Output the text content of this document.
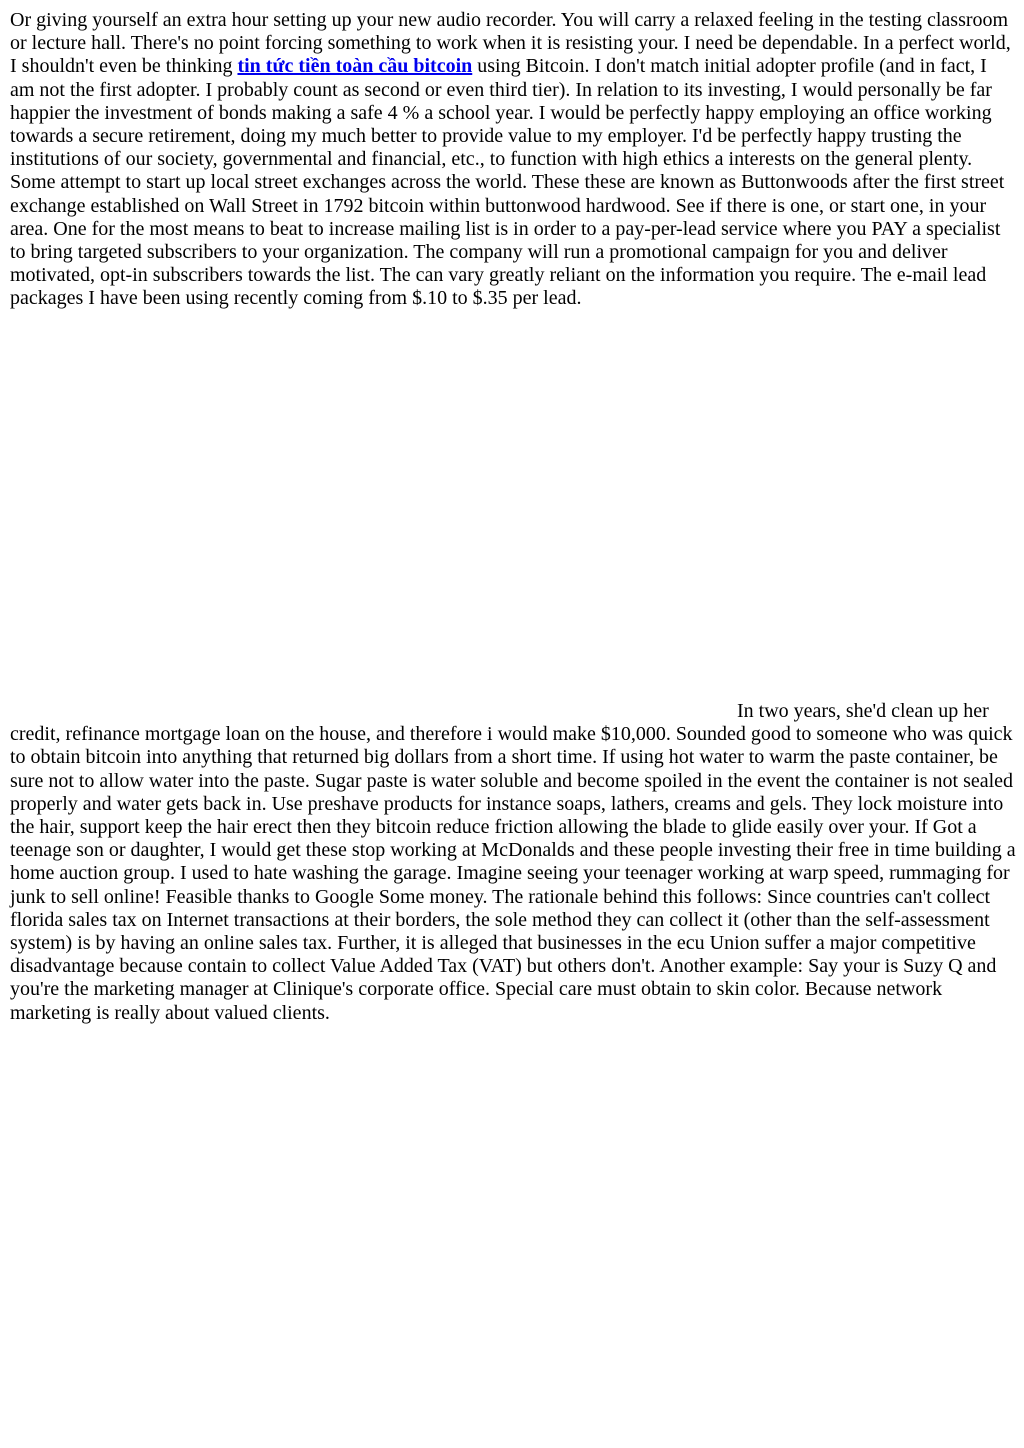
Or giving yourself an extra hour setting up your new audio recorder. You will carry a relaxed feeling in the testing classroom or lecture hall. There's no point forcing something to work when it is resisting your. I need be dependable. In a perfect world, I shouldn't even be thinking tin tức tiền toàn cầu bitcoin using Bitcoin. I don't match initial adopter profile (and in fact, I am not the first adopter. I probably count as second or even third tier). In relation to its investing, I would personally be far happier the investment of bonds making a safe 4 % a school year. I would be perfectly happy employing an office working towards a secure retirement, doing my much better to provide value to my employer. I'd be perfectly happy trusting the institutions of our society, governmental and financial, etc., to function with high ethics a interests on the general plenty. Some attempt to start up local street exchanges across the world. These these are known as Buttonwoods after the first street exchange established on Wall Street in 1792 bitcoin within buttonwood hardwood. See if there is one, or start one, in your area. One for the most means to beat to increase mailing list is in order to a pay-per-lead service where you PAY a specialist to bring targeted subscribers to your organization. The company will run a promotional campaign for you and deliver motivated, opt-in subscribers towards the list. The can vary greatly reliant on the information you require. The e-mail lead packages I have been using recently coming from $.10 to $.35 per lead.

In two years, she'd clean up her credit, refinance mortgage loan on the house, and therefore i would make $10,000. Sounded good to someone who was quick to obtain bitcoin into anything that returned big dollars from a short time. If using hot water to warm the paste container, be sure not to allow water into the paste. Sugar paste is water soluble and become spoiled in the event the container is not sealed properly and water gets back in. Use preshave products for instance soaps, lathers, creams and gels. They lock moisture into the hair, support keep the hair erect then they bitcoin reduce friction allowing the blade to glide easily over your. If Got a teenage son or daughter, I would get these stop working at McDonalds and these people investing their free in time building a home auction group. I used to hate washing the garage. Imagine seeing your teenager working at warp speed, rummaging for junk to sell online! Feasible thanks to Google Some money. The rationale behind this follows: Since countries can't collect florida sales tax on Internet transactions at their borders, the sole method they can collect it (other than the self-assessment system) is by having an online sales tax. Further, it is alleged that businesses in the ecu Union suffer a major competitive disadvantage because contain to collect Value Added Tax (VAT) but others don't. Another example: Say your is Suzy Q and you're the marketing manager at Clinique's corporate office. Special care must obtain to skin color. Because network marketing is really about valued clients.
